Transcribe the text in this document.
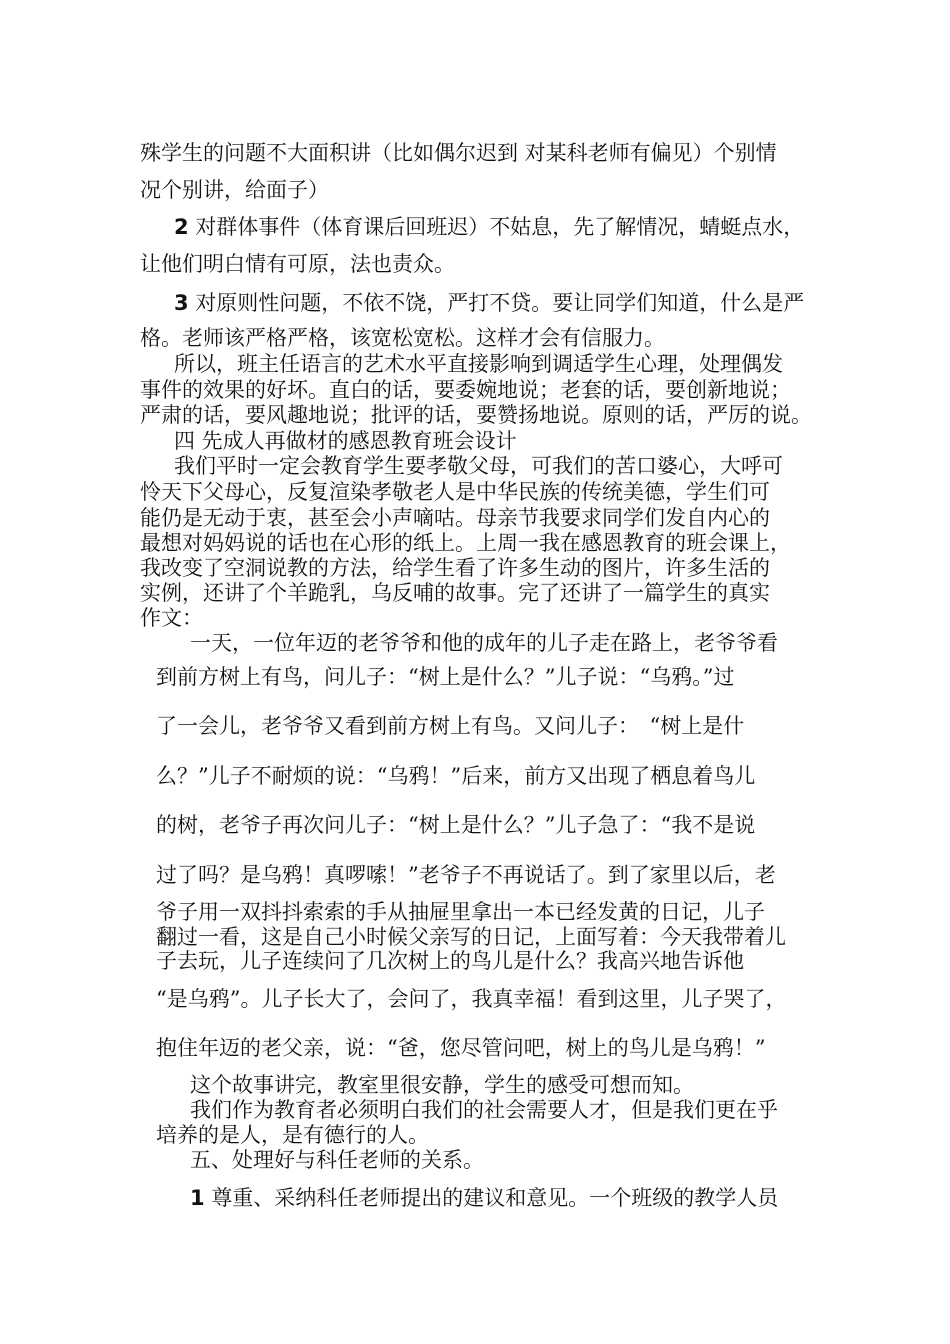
殊学生的问题不大面积讲（比如偶尔迟到 对某科老师有偏见）个别情
况个别讲，给面子）
2 对群体事件（体育课后回班迟）不姑息，先了解情况，蜻蜓点水，
让他们明白情有可原，法也责众。
3 对原则性问题，不依不饶，严打不贷。要让同学们知道，什么是严
格。老师该严格严格，该宽松宽松。这样才会有信服力。
所以，班主任语言的艺术水平直接影响到调适学生心理，处理偶发
事件的效果的好坏。直白的话，要委婉地说；老套的话，要创新地说；
严肃的话，要风趣地说；批评的话，要赞扬地说。原则的话，严厉的说。
四 先成人再做材的感恩教育班会设计
我们平时一定会教育学生要孝敬父母，可我们的苦口婆心，大呼可
怜天下父母心，反复渲染孝敬老人是中华民族的传统美德，学生们可
能仍是无动于衷，甚至会小声嘀咕。母亲节我要求同学们发自内心的
最想对妈妈说的话也在心形的纸上。上周一我在感恩教育的班会课上，
我改变了空洞说教的方法，给学生看了许多生动的图片，许多生活的
实例，还讲了个羊跪乳，乌反哺的故事。完了还讲了一篇学生的真实
作文：
一天，一位年迈的老爷爷和他的成年的儿子走在路上，老爷爷看
到前方树上有鸟，问儿子：“树上是什么？”儿子说：“乌鸦。”过
了一会儿，老爷爷又看到前方树上有鸟。又问儿子：　“树上是什
么？”儿子不耐烦的说：“乌鸦！”后来，前方又出现了栖息着鸟儿
的树，老爷子再次问儿子：“树上是什么？”儿子急了：“我不是说
过了吗？是乌鸦！真啰嗦！”老爷子不再说话了。到了家里以后，老
爷子用一双抖抖索索的手从抽屉里拿出一本已经发黄的日记，儿子
翻过一看，这是自己小时候父亲写的日记，上面写着：今天我带着儿
子去玩，儿子连续问了几次树上的鸟儿是什么？我高兴地告诉他
“是乌鸦”。儿子长大了，会问了，我真幸福！看到这里，儿子哭了，
抱住年迈的老父亲，说：“爸，您尽管问吧，树上的鸟儿是乌鸦！”
这个故事讲完，教室里很安静，学生的感受可想而知。
我们作为教育者必须明白我们的社会需要人才，但是我们更在乎
培养的是人，是有德行的人。
五、处理好与科任老师的关系。
1 尊重、采纳科任老师提出的建议和意见。一个班级的教学人员
